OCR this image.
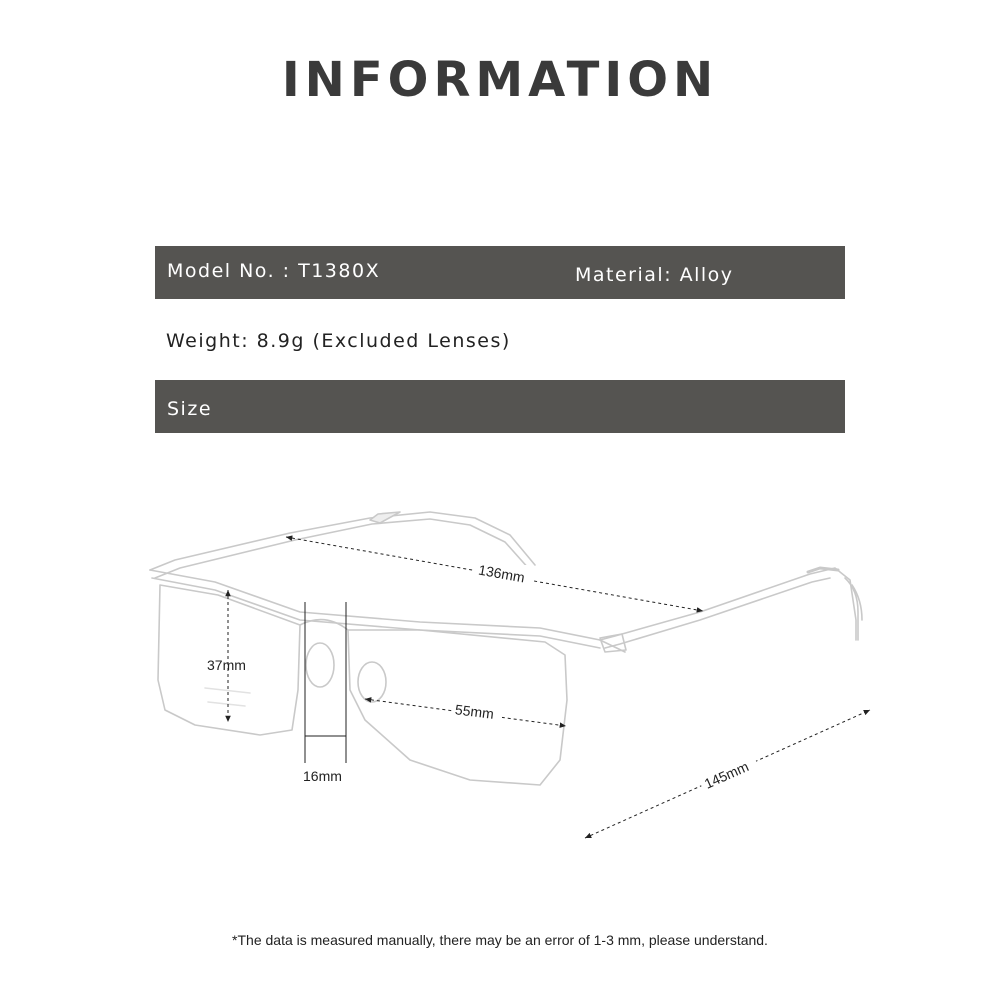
INFORMATION
Model No. : T1380X	Material: Alloy
Weight: 8.9g (Excluded Lenses)
Size
136mm
37mm
16mm
55mm
145mm
*The data is measured manually, there may be an error of 1-3 mm, please understand.
